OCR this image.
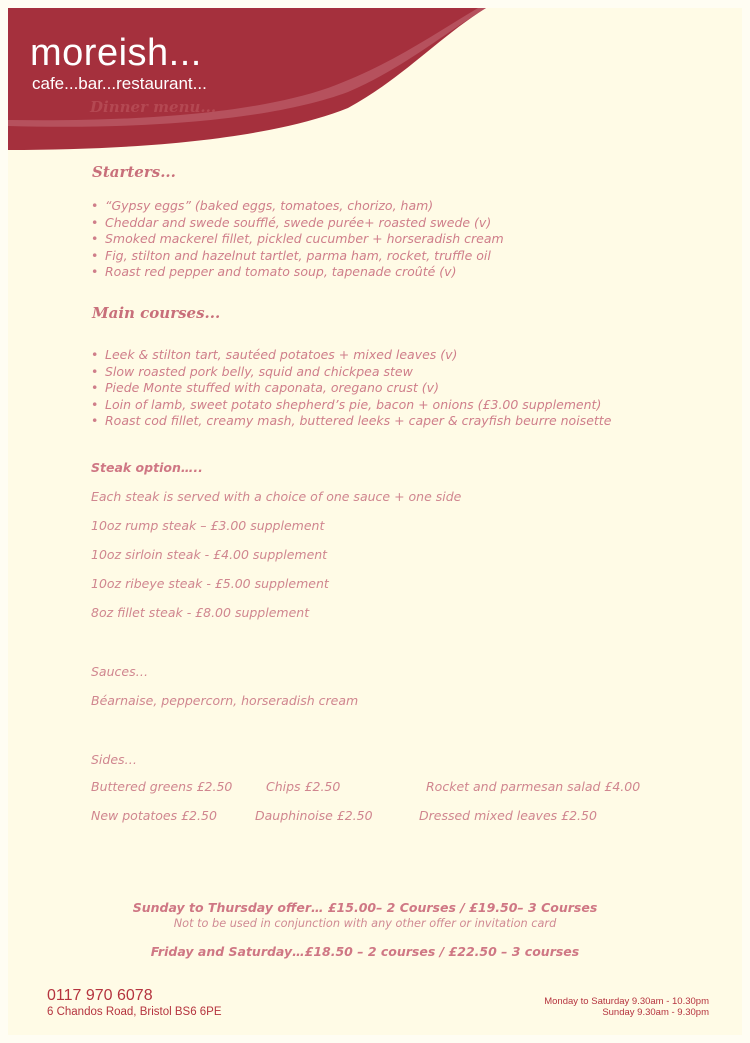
moreish...
cafe...bar...restaurant...
Dinner menu...
Starters...
• “Gypsy eggs” (baked eggs, tomatoes, chorizo, ham)
• Cheddar and swede soufflé, swede purée+ roasted swede (v)
• Smoked mackerel fillet, pickled cucumber + horseradish cream
• Fig, stilton and hazelnut tartlet, parma ham, rocket, truffle oil
• Roast red pepper and tomato soup, tapenade croûté (v)
Main courses...
• Leek & stilton tart, sautéed potatoes + mixed leaves (v)
• Slow roasted pork belly, squid and chickpea stew
• Piede Monte stuffed with caponata, oregano crust (v)
• Loin of lamb, sweet potato shepherd’s pie, bacon + onions (£3.00 supplement)
• Roast cod fillet, creamy mash, buttered leeks + caper & crayfish beurre noisette
Steak option…..
Each steak is served with a choice of one sauce + one side
10oz rump steak – £3.00 supplement
10oz sirloin steak - £4.00 supplement
10oz ribeye steak - £5.00 supplement
8oz fillet steak - £8.00 supplement
Sauces…
Béarnaise, peppercorn, horseradish cream
Sides…
Buttered greens £2.50	Chips £2.50	Rocket and parmesan salad £4.00
New potatoes £2.50	Dauphinoise £2.50	Dressed mixed leaves £2.50
Sunday to Thursday offer… £15.00– 2 Courses / £19.50– 3 Courses
Not to be used in conjunction with any other offer or invitation card
Friday and Saturday…£18.50 – 2 courses / £22.50 – 3 courses
0117 970 6078
6 Chandos Road, Bristol BS6 6PE
Monday to Saturday 9.30am - 10.30pm
Sunday 9.30am - 9.30pm
